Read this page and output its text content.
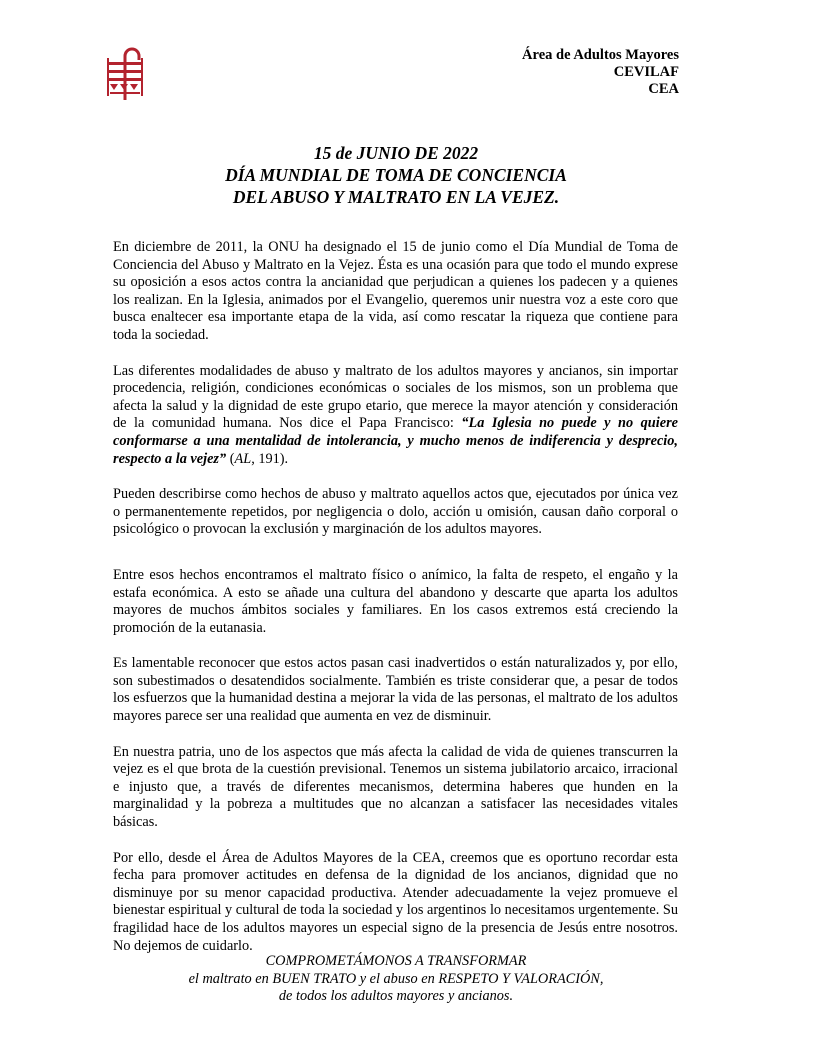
Área de Adultos Mayores
CEVILAF
CEA
15 de JUNIO DE 2022
DÍA MUNDIAL DE TOMA DE CONCIENCIA
DEL ABUSO Y MALTRATO EN LA VEJEZ.

En diciembre de 2011, la ONU ha designado el 15 de junio como el Día Mundial de Toma de Conciencia del Abuso y Maltrato en la Vejez. Ésta es una ocasión para que todo el mundo exprese su oposición a esos actos contra la ancianidad que perjudican a quienes los padecen y a quienes los realizan. En la Iglesia, animados por el Evangelio, queremos unir nuestra voz a este coro que busca enaltecer esa importante etapa de la vida, así como rescatar la riqueza que contiene para toda la sociedad.

Las diferentes modalidades de abuso y maltrato de los adultos mayores y ancianos, sin importar procedencia, religión, condiciones económicas o sociales de los mismos, son un problema que afecta la salud y la dignidad de este grupo etario, que merece la mayor atención y consideración de la comunidad humana. Nos dice el Papa Francisco: “La Iglesia no puede y no quiere conformarse a una mentalidad de intolerancia, y mucho menos de indiferencia y desprecio, respecto a la vejez” (AL, 191).

Pueden describirse como hechos de abuso y maltrato aquellos actos que, ejecutados por única vez o permanentemente repetidos, por negligencia o dolo, acción u omisión, causan daño corporal o psicológico o provocan la exclusión y marginación de los adultos mayores.

Entre esos hechos encontramos el maltrato físico o anímico, la falta de respeto, el engaño y la estafa económica. A esto se añade una cultura del abandono y descarte que aparta los adultos mayores de muchos ámbitos sociales y familiares. En los casos extremos está creciendo la promoción de la eutanasia.

Es lamentable reconocer que estos actos pasan casi inadvertidos o están naturalizados y, por ello, son subestimados o desatendidos socialmente. También es triste considerar que, a pesar de todos los esfuerzos que la humanidad destina a mejorar la vida de las personas, el maltrato de los adultos mayores parece ser una realidad que aumenta en vez de disminuir.

En nuestra patria, uno de los aspectos que más afecta la calidad de vida de quienes transcurren la vejez es el que brota de la cuestión previsional. Tenemos un sistema jubilatorio arcaico, irracional e injusto que, a través de diferentes mecanismos, determina haberes que hunden en la marginalidad y la pobreza a multitudes que no alcanzan a satisfacer las necesidades vitales básicas.

Por ello, desde el Área de Adultos Mayores de la CEA, creemos que es oportuno recordar esta fecha para promover actitudes en defensa de la dignidad de los ancianos, dignidad que no disminuye por su menor capacidad productiva. Atender adecuadamente la vejez promueve el bienestar espiritual y cultural de toda la sociedad y los argentinos lo necesitamos urgentemente. Su fragilidad hace de los adultos mayores un especial signo de la presencia de Jesús entre nosotros. No dejemos de cuidarlo.

COMPROMETÁMONOS A TRANSFORMAR
el maltrato en BUEN TRATO y el abuso en RESPETO Y VALORACIÓN,
de todos los adultos mayores y ancianos.
